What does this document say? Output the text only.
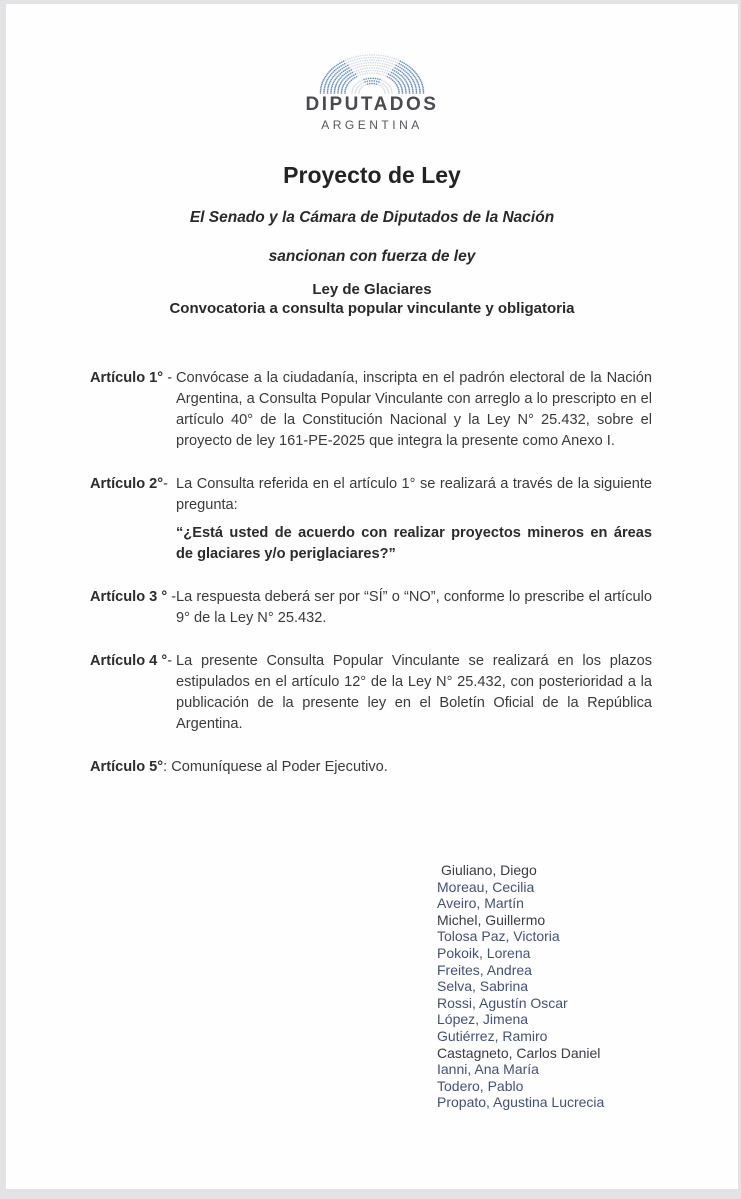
DIPUTADOS
ARGENTINA
Proyecto de Ley

El Senado y la Cámara de Diputados de la Nación

sancionan con fuerza de ley

Ley de Glaciares

Convocatoria a consulta popular vinculante y obligatoria

Artículo 1° - Convócase a la ciudadanía, inscripta en el padrón electoral de la Nación Argentina, a Consulta Popular Vinculante con arreglo a lo prescripto en el artículo 40° de la Constitución Nacional y la Ley N° 25.432, sobre el proyecto de ley 161-PE-2025 que integra la presente como Anexo I.
Artículo 2°- La Consulta referida en el artículo 1° se realizará a través de la siguiente pregunta:
“¿Está usted de acuerdo con realizar proyectos mineros en áreas de glaciares y/o periglaciares?”
Artículo 3 ° - La respuesta deberá ser por “SÍ” o “NO”, conforme lo prescribe el artículo 9° de la Ley N° 25.432.
Artículo 4 °- La presente Consulta Popular Vinculante se realizará en los plazos estipulados en el artículo 12° de la Ley N° 25.432, con posterioridad a la publicación de la presente ley en el Boletín Oficial de la República Argentina.
Artículo 5°: Comuníquese al Poder Ejecutivo.
Giuliano, Diego
Moreau, Cecilia
Aveiro, Martín
Michel, Guillermo
Tolosa Paz, Victoria
Pokoik, Lorena
Freites, Andrea
Selva, Sabrina
Rossi, Agustín Oscar
López, Jimena
Gutiérrez, Ramiro
Castagneto, Carlos Daniel
Ianni, Ana María
Todero, Pablo
Propato, Agustina Lucrecia
